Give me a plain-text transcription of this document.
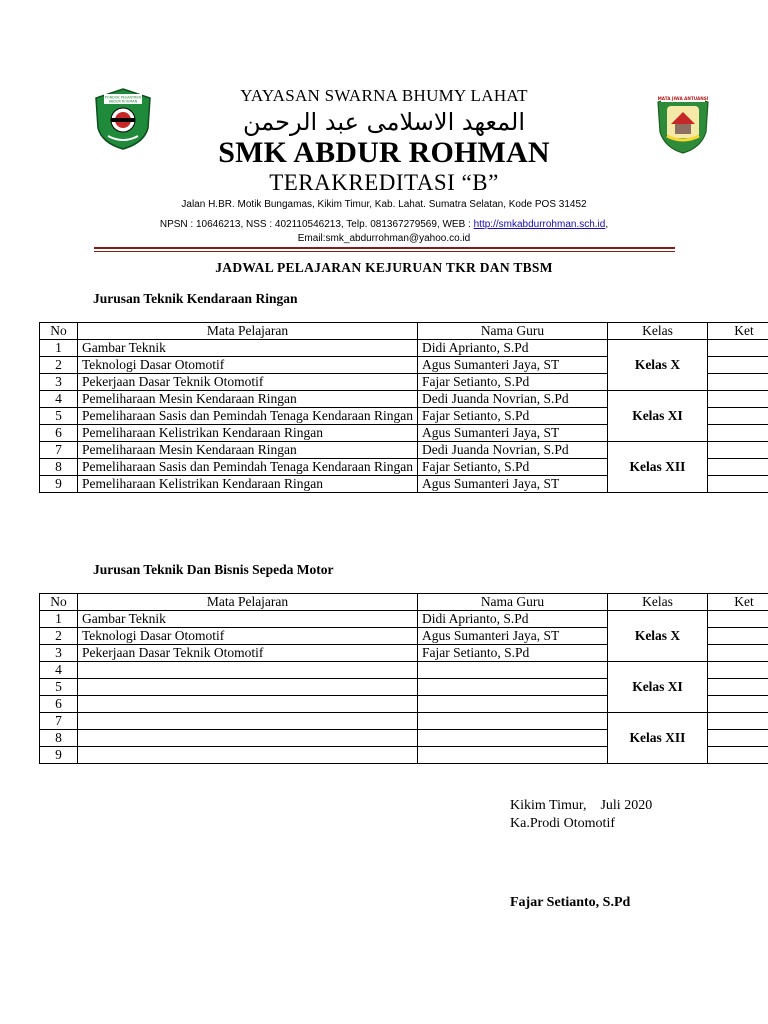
PONDOK PESANTREN
ABDUR ROHMAN
MATA JIWA ANTUANSI
YAYASAN SWARNA BHUMY LAHAT
المعهد الاسلامى عبد الرحمن
SMK ABDUR ROHMAN
TERAKREDITASI “B”
Jalan H.BR. Motik Bungamas, Kikim Timur, Kab. Lahat. Sumatra Selatan, Kode POS 31452
NPSN : 10646213, NSS : 402110546213, Telp. 081367279569, WEB : http://smkabdurrohman.sch.id,
Email:smk_abdurrohman@yahoo.co.id
JADWAL PELAJARAN KEJURUAN TKR DAN TBSM
Jurusan Teknik Kendaraan Ringan
No	Mata Pelajaran	Nama Guru	Kelas	Ket
1	Gambar Teknik	Didi Aprianto, S.Pd	Kelas X	
2	Teknologi Dasar Otomotif	Agus Sumanteri Jaya, ST		
3	Pekerjaan Dasar Teknik Otomotif	Fajar Setianto, S.Pd		
4	Pemeliharaan Mesin Kendaraan Ringan	Dedi Juanda Novrian, S.Pd	Kelas XI	
5	Pemeliharaan Sasis dan Pemindah Tenaga Kendaraan Ringan	Fajar Setianto, S.Pd		
6	Pemeliharaan Kelistrikan Kendaraan Ringan	Agus Sumanteri Jaya, ST		
7	Pemeliharaan Mesin Kendaraan Ringan	Dedi Juanda Novrian, S.Pd	Kelas XII	
8	Pemeliharaan Sasis dan Pemindah Tenaga Kendaraan Ringan	Fajar Setianto, S.Pd		
9	Pemeliharaan Kelistrikan Kendaraan Ringan	Agus Sumanteri Jaya, ST		
Jurusan Teknik Dan Bisnis Sepeda Motor
No	Mata Pelajaran	Nama Guru	Kelas	Ket
1	Gambar Teknik	Didi Aprianto, S.Pd	Kelas X	
2	Teknologi Dasar Otomotif	Agus Sumanteri Jaya, ST		
3	Pekerjaan Dasar Teknik Otomotif	Fajar Setianto, S.Pd		
4			Kelas XI	
5				
6				
7			Kelas XII	
8				
9				
Kikim Timur,    Juli 2020
Ka.Prodi Otomotif
Fajar Setianto, S.Pd
